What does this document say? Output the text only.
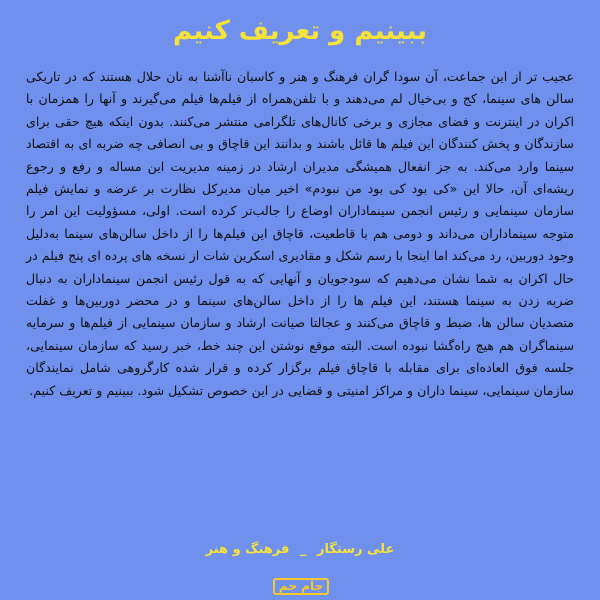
ببینیم و تعریف کنیم
عجیب تر از این جماعت، آن سودا گران فرهنگ و هنر و کاسبان ناآشنا به نان حلال هستند که در تاریکی سالن های سینما، کج و بی‌خیال لم می‌دهند و با تلفن‌همراه از فیلم‌ها فیلم می‌گیرند و آنها را همزمان با اکران در اینترنت و فضای مجازی و برخی کانال‌های تلگرامی منتشر می‌کنند. بدون اینکه هیچ حقی برای سازندگان و پخش کنندگان این فیلم ها قائل باشند و بدانند این قاچاق و بی انصافی چه ضربه ای به اقتصاد سینما وارد می‌کند. به جز انفعال همیشگی مدیران ارشاد در زمینه مدیریت این مساله و رفع و رجوع ریشه‌ای آن، حالا این «کی بود کی بود من نبودم» اخیر میان مدیرکل نظارت بر عرضه و نمایش فیلم سازمان سینمایی و رئیس انجمن سینماداران اوضاع را جالب‌تر کرده است. اولی، مسؤولیت این امر را متوجه سینماداران می‌داند و دومی هم با قاطعیت، قاچاق این فیلم‌ها را از داخل سالن‌های سینما به‌دلیل وجود دوربین، رد می‌کند اما اینجا با رسم شکل و مقادیری اسکرین شات از نسخه های پرده ای پنج فیلم در حال اکران به شما نشان می‌دهیم که سودجویان و آنهایی که به قول رئیس انجمن سینماداران به دنبال ضربه زدن به سینما هستند، این فیلم ها را از داخل سالن‌های سینما و در محضر دوربین‌ها و غفلت متصدیان سالن ها، ضبط و قاچاق می‌کنند و عجالتا صیانت ارشاد و سازمان سینمایی از فیلم‌ها و سرمایه سینماگران هم هیچ راه‌گشا نبوده است. البته موقع نوشتن این چند خط، خبر رسید که سازمان سینمایی، جلسه فوق العاده‌ای برای مقابله با قاچاق فیلم برگزار کرده و قرار شده کارگروهی شامل نمایندگان سازمان سینمایی، سینما داران و مراکز امنیتی و قضایی در این خصوص تشکیل شود. ببینیم و تعریف کنیم.
علی رستگار _ فرهنگ و هنر
جام جم
